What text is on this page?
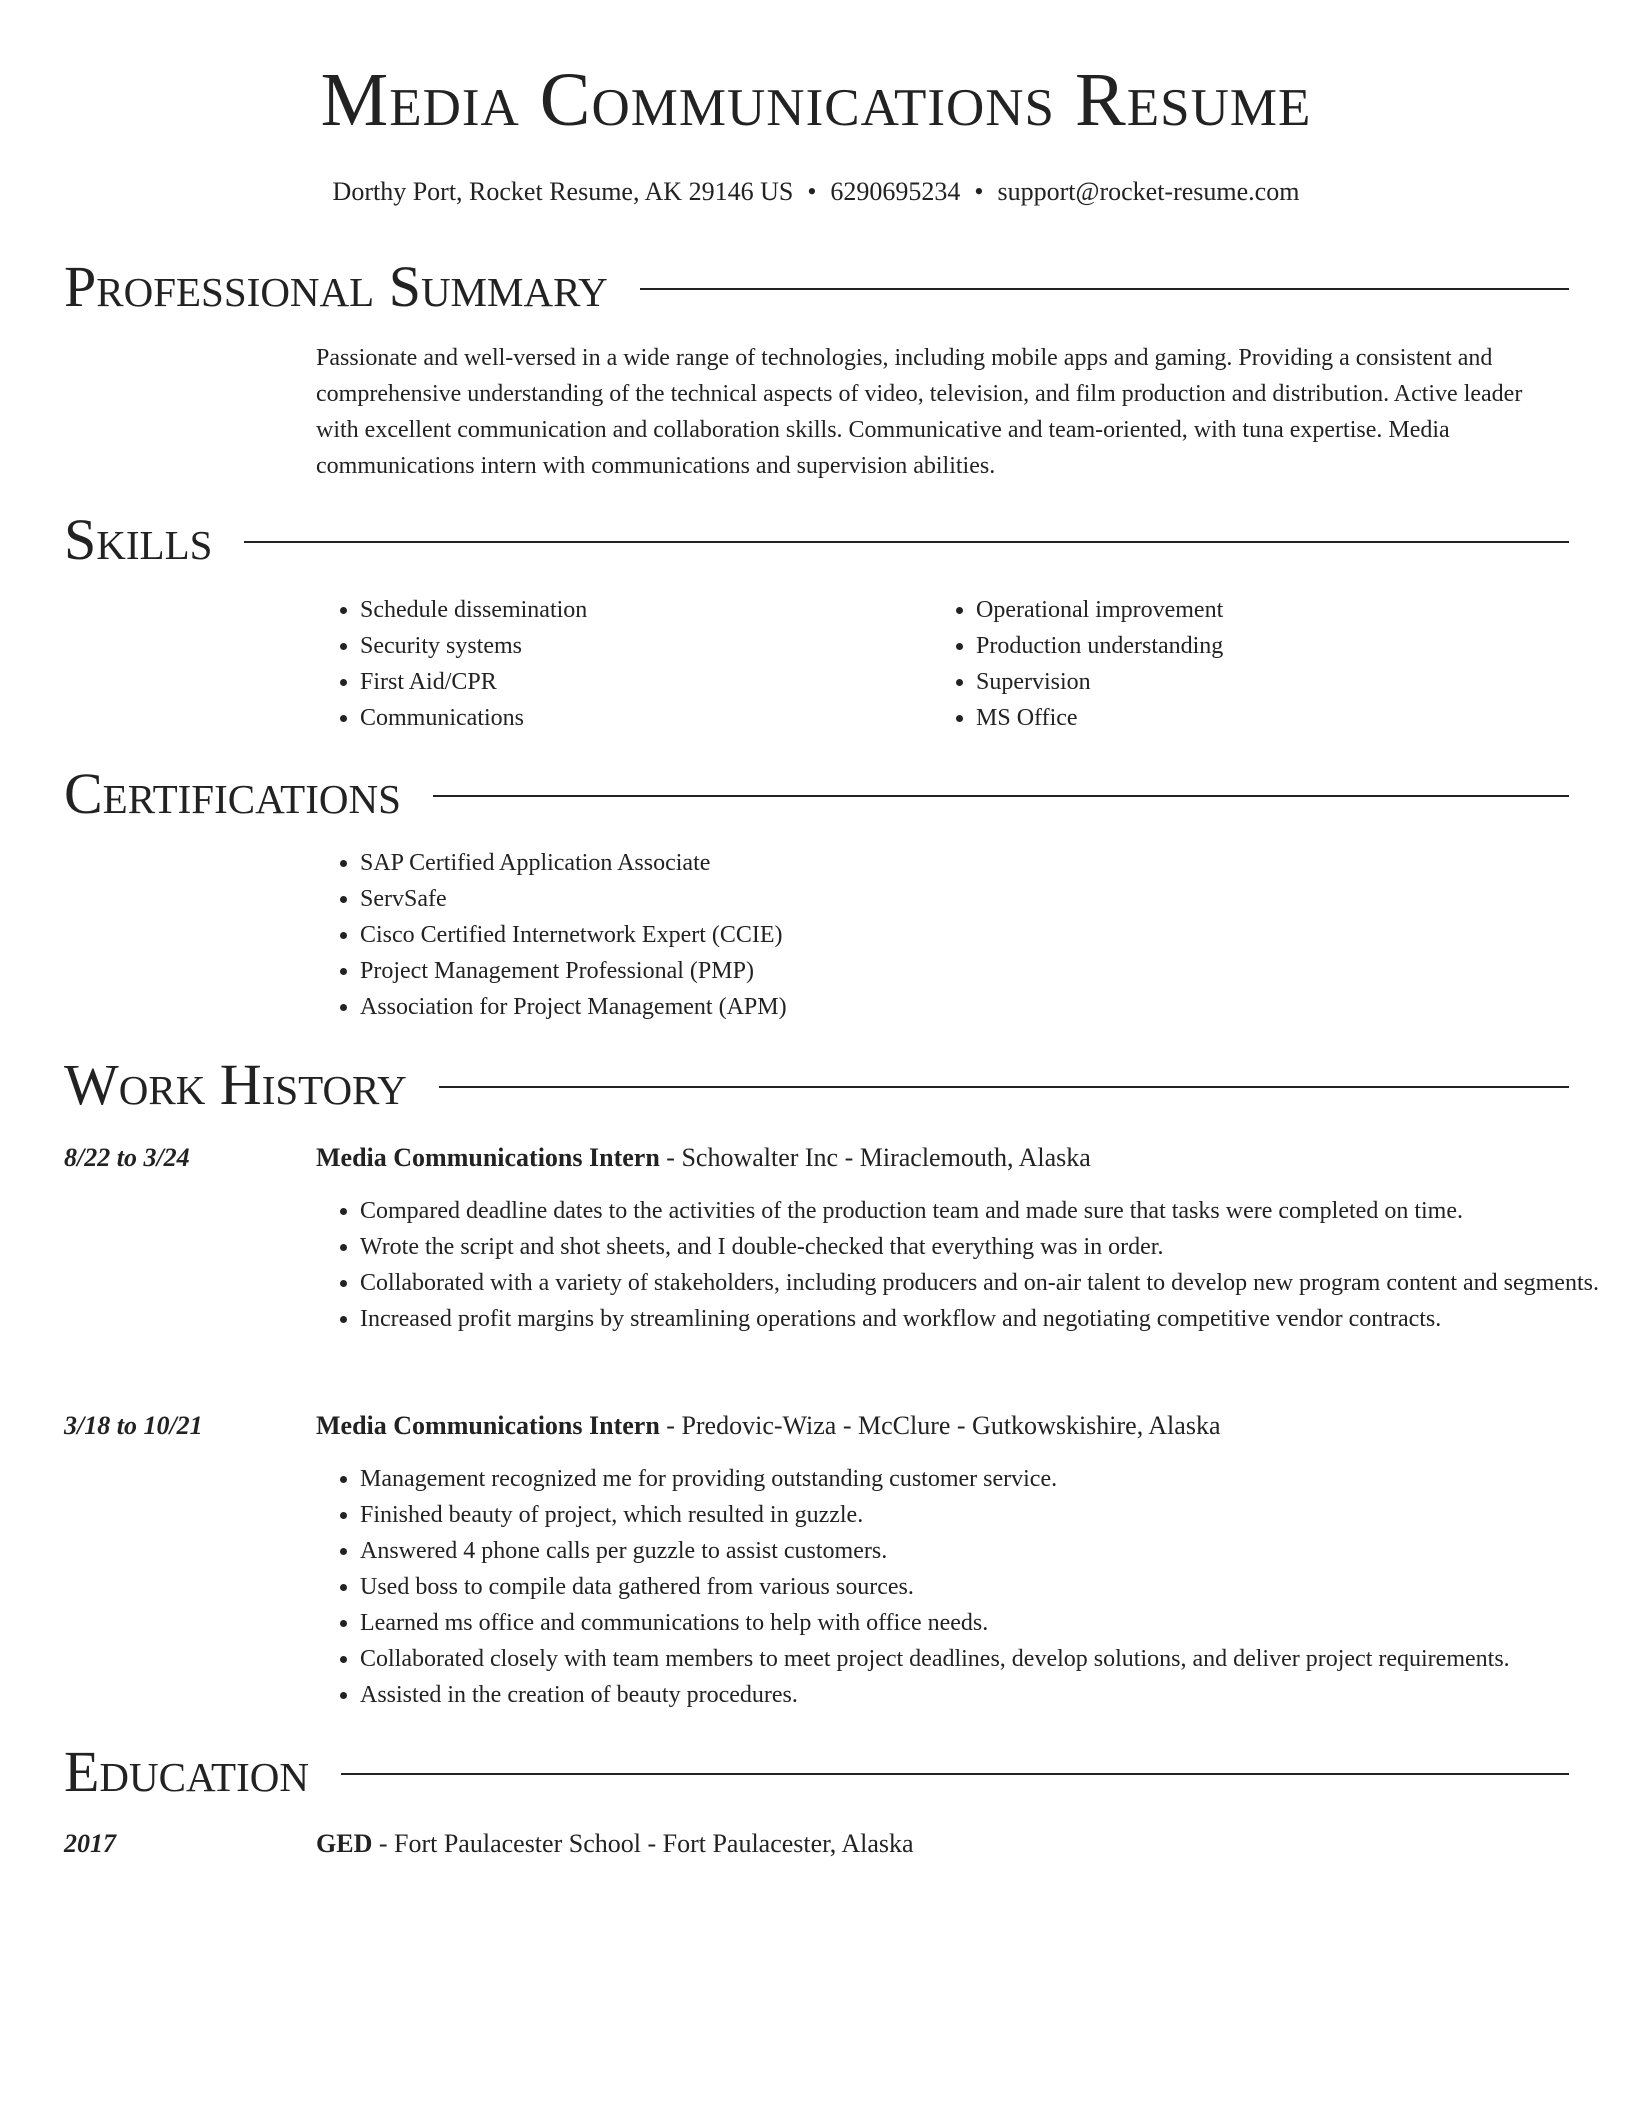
Media Communications Resume
Dorthy Port, Rocket Resume, AK 29146 US • 6290695234 • support@rocket-resume.com
Professional Summary

Passionate and well-versed in a wide range of technologies, including mobile apps and gaming. Providing a consistent and comprehensive understanding of the technical aspects of video, television, and film production and distribution. Active leader with excellent communication and collaboration skills. Communicative and team-oriented, with tuna expertise. Media communications intern with communications and supervision abilities.

Skills
• Schedule dissemination
• Security systems
• First Aid/CPR
• Communications
• Operational improvement
• Production understanding
• Supervision
• MS Office
Certifications
• SAP Certified Application Associate
• ServSafe
• Cisco Certified Internetwork Expert (CCIE)
• Project Management Professional (PMP)
• Association for Project Management (APM)
Work History
8/22 to 3/24	Media Communications Intern - Schowalter Inc - Miraclemouth, Alaska
• Compared deadline dates to the activities of the production team and made sure that tasks were completed on time.
• Wrote the script and shot sheets, and I double-checked that everything was in order.
• Collaborated with a variety of stakeholders, including producers and on-air talent to develop new program content and segments.
• Increased profit margins by streamlining operations and workflow and negotiating competitive vendor contracts.
3/18 to 10/21	Media Communications Intern - Predovic-Wiza - McClure - Gutkowskishire, Alaska
• Management recognized me for providing outstanding customer service.
• Finished beauty of project, which resulted in guzzle.
• Answered 4 phone calls per guzzle to assist customers.
• Used boss to compile data gathered from various sources.
• Learned ms office and communications to help with office needs.
• Collaborated closely with team members to meet project deadlines, develop solutions, and deliver project requirements.
• Assisted in the creation of beauty procedures.
Education
2017	GED - Fort Paulacester School - Fort Paulacester, Alaska
